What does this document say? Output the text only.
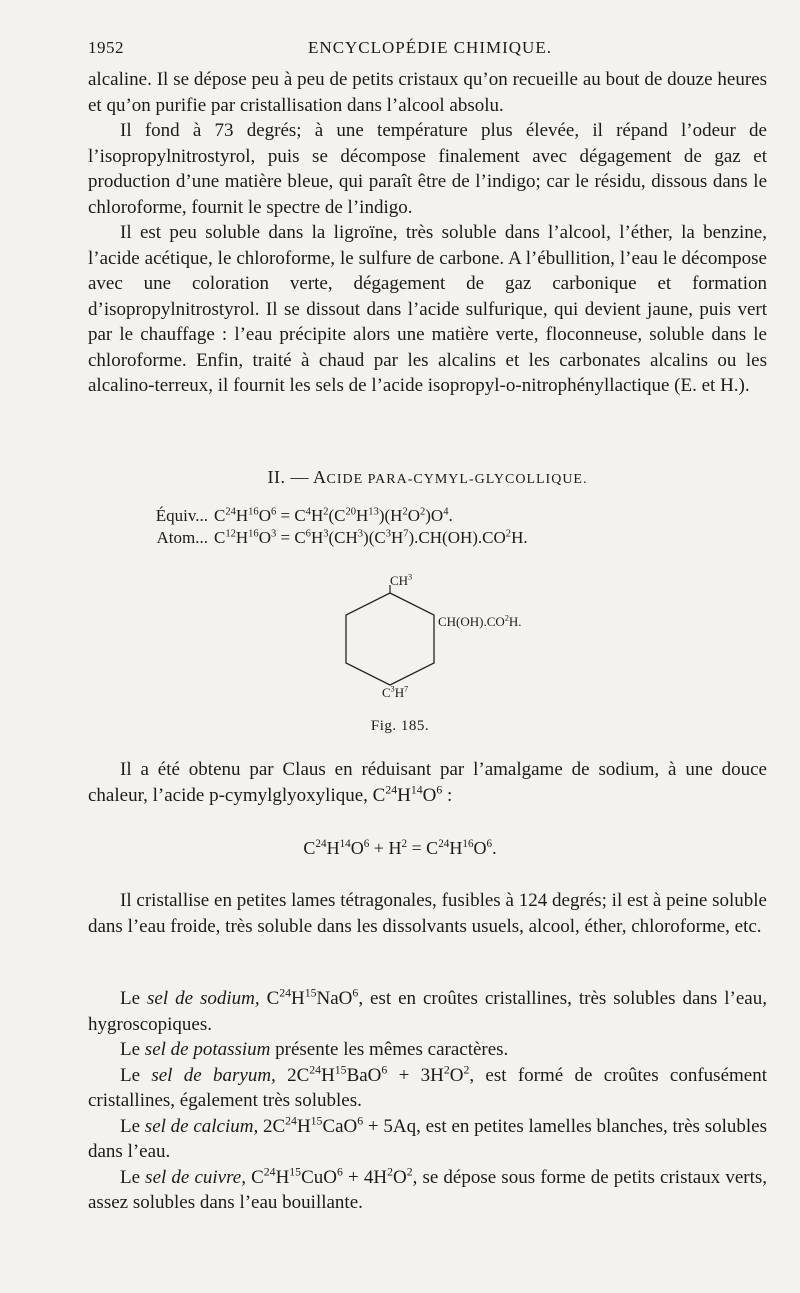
1952	ENCYCLOPÉDIE CHIMIQUE.

alcaline. Il se dépose peu à peu de petits cristaux qu’on recueille au bout de douze heures et qu’on purifie par cristallisation dans l’alcool absolu.

Il fond à 73 degrés; à une température plus élevée, il répand l’odeur de l’isopropylnitrostyrol, puis se décompose finalement avec dégagement de gaz et production d’une matière bleue, qui paraît être de l’indigo; car le résidu, dissous dans le chloroforme, fournit le spectre de l’indigo.

Il est peu soluble dans la ligroïne, très soluble dans l’alcool, l’éther, la benzine, l’acide acétique, le chloroforme, le sulfure de carbone. A l’ébullition, l’eau le décompose avec une coloration verte, dégagement de gaz carbonique et formation d’isopropylnitrostyrol. Il se dissout dans l’acide sulfurique, qui devient jaune, puis vert par le chauffage : l’eau précipite alors une matière verte, floconneuse, soluble dans le chloroforme. Enfin, traité à chaud par les alcalins et les carbonates alcalins ou les alcalino-terreux, il fournit les sels de l’acide isopropyl-o-nitrophényllactique (E. et H.).

II. — ACIDE PARA-CYMYL-GLYCOLLIQUE.
Équiv... $C^{24}H^{16}O^6 = C^4H^2(C^{20}H^{13})(H^2O^2)O^4$.
Atom... $C^{12}H^{16}O^3 = C^6H^3(CH^3)(C^3H^7).CH(OH).CO^2H$.
$CH^3$
$CH(OH).CO^2H$.
$C^3H^7$
Fig. 185.

Il a été obtenu par Claus en réduisant par l’amalgame de sodium, à une douce chaleur, l’acide p-cymylglyoxylique, $C^{24}H^{14}O^6$ :

$C^{24}H^{14}O^6 + H^2 = C^{24}H^{16}O^6$.

Il cristallise en petites lames tétragonales, fusibles à 124 degrés; il est à peine soluble dans l’eau froide, très soluble dans les dissolvants usuels, alcool, éther, chloroforme, etc.

Le sel de sodium, $C^{24}H^{15}NaO^6$, est en croûtes cristallines, très solubles dans l’eau, hygroscopiques.

Le sel de potassium présente les mêmes caractères.

Le sel de baryum, $2C^{24}H^{15}BaO^6 + 3H^2O^2$, est formé de croûtes confusément cristallines, également très solubles.

Le sel de calcium, $2C^{24}H^{15}CaO^6 + 5Aq$, est en petites lamelles blanches, très solubles dans l’eau.

Le sel de cuivre, $C^{24}H^{15}CuO^6 + 4H^2O^2$, se dépose sous forme de petits cristaux verts, assez solubles dans l’eau bouillante.
